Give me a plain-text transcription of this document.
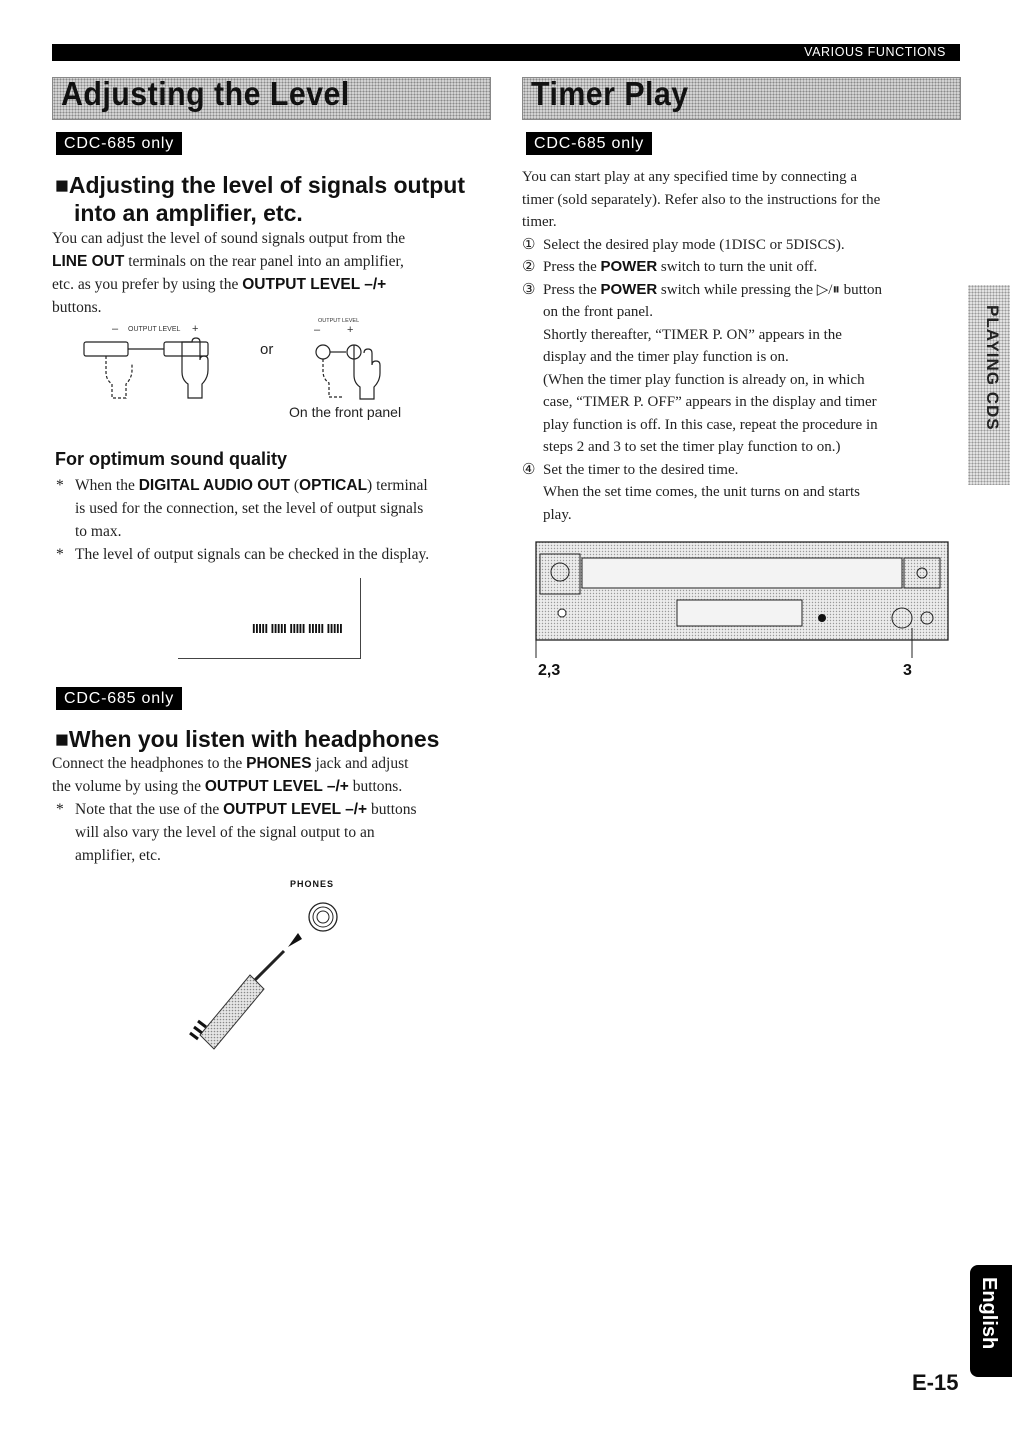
VARIOUS FUNCTIONS
Adjusting the Level
CDC-685 only
■Adjusting the level of signals output
into an amplifier, etc.
You can adjust the level of sound signals output from the
LINE OUT terminals on the rear panel into an amplifier,
etc. as you prefer by using the OUTPUT LEVEL –/+
buttons.
– OUTPUT LEVEL +
or
OUTPUT LEVEL
– +
On the front panel
For optimum sound quality
* When the DIGITAL AUDIO OUT (OPTICAL) terminal
is used for the connection, set the level of output signals
to max.
* The level of output signals can be checked in the display.
IIIII IIIII IIIII IIIII IIIII
CDC-685 only
■When you listen with headphones
Connect the headphones to the PHONES jack and adjust
the volume by using the OUTPUT LEVEL –/+ buttons.
* Note that the use of the OUTPUT LEVEL –/+ buttons
will also vary the level of the signal output to an
amplifier, etc.
PHONES
Timer Play
CDC-685 only
You can start play at any specified time by connecting a
timer (sold separately). Refer also to the instructions for the
timer.
① Select the desired play mode (1DISC or 5DISCS).
② Press the POWER switch to turn the unit off.
③ Press the POWER switch while pressing the ▷/⏸ button
on the front panel.
Shortly thereafter, “TIMER P. ON” appears in the
display and the timer play function is on.
(When the timer play function is already on, in which
case, “TIMER P. OFF” appears in the display and timer
play function is off. In this case, repeat the procedure in
steps 2 and 3 to set the timer play function to on.)
④ Set the timer to the desired time.
When the set time comes, the unit turns on and starts
play.
2,3	3
PLAYING CDS
English
E-15
